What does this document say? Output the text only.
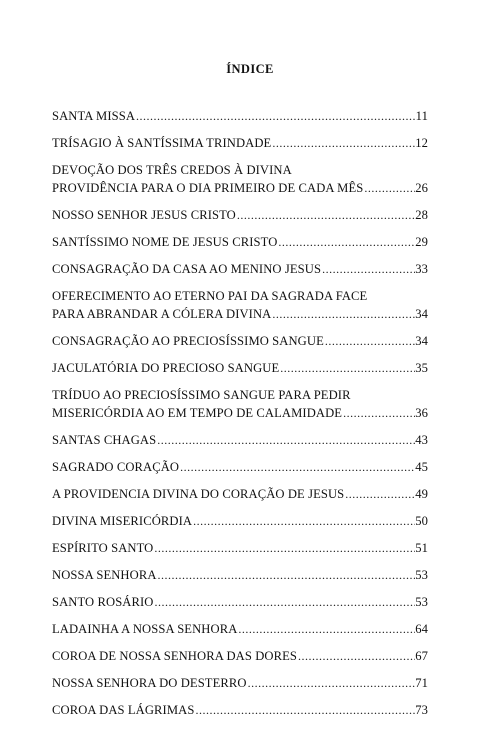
ÍNDICE
SANTA MISSA .....	11
TRÍSAGIO À SANTÍSSIMA TRINDADE .....	12
DEVOÇÃO DOS TRÊS CREDOS À DIVINA
PROVIDÊNCIA PARA O DIA PRIMEIRO DE CADA MÊS .....	26
NOSSO SENHOR JESUS CRISTO .....	28
SANTÍSSIMO NOME DE JESUS CRISTO .....	29
CONSAGRAÇÃO DA CASA AO MENINO JESUS .....	33
OFERECIMENTO AO ETERNO PAI DA SAGRADA FACE
PARA ABRANDAR A CÓLERA DIVINA .....	34
CONSAGRAÇÃO AO PRECIOSÍSSIMO SANGUE .....	34
JACULATÓRIA DO PRECIOSO SANGUE .....	35
TRÍDUO AO PRECIOSÍSSIMO SANGUE PARA PEDIR
MISERICÓRDIA AO EM TEMPO DE CALAMIDADE .....	36
SANTAS CHAGAS .....	43
SAGRADO CORAÇÃO .....	45
A PROVIDENCIA DIVINA DO CORAÇÃO DE JESUS .....	49
DIVINA MISERICÓRDIA .....	50
ESPÍRITO SANTO .....	51
NOSSA SENHORA .....	53
SANTO ROSÁRIO .....	53
LADAINHA A NOSSA SENHORA .....	64
COROA DE NOSSA SENHORA DAS DORES .....	67
NOSSA SENHORA DO DESTERRO .....	71
COROA DAS LÁGRIMAS .....	73
